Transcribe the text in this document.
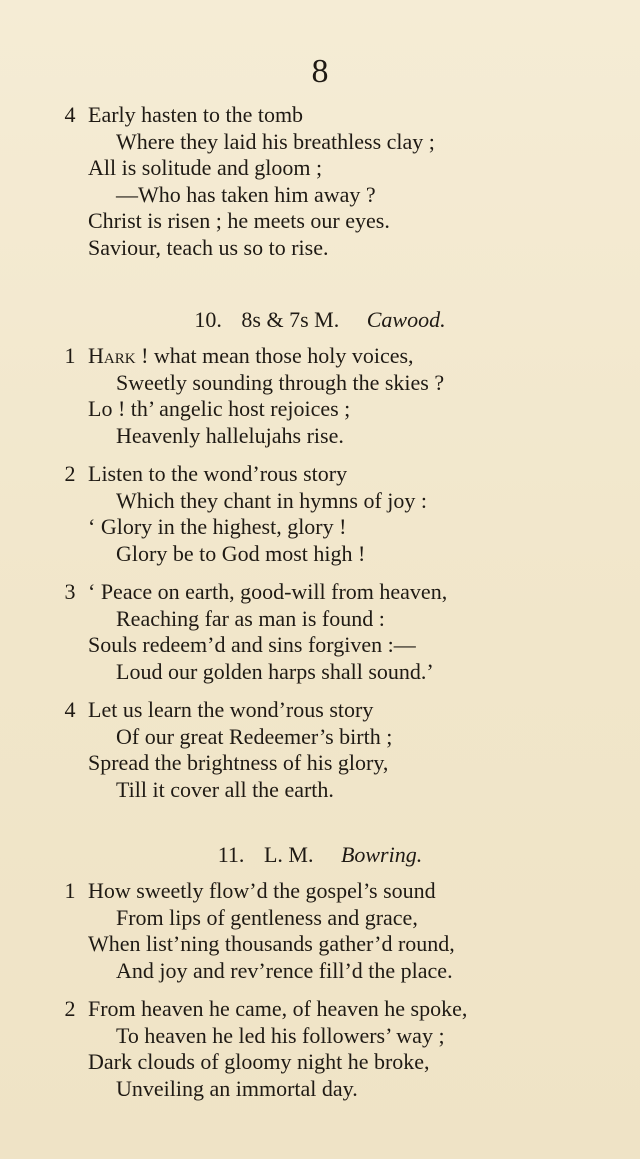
8
4 Early hasten to the tomb
Where they laid his breathless clay ;
All is solitude and gloom ;
—Who has taken him away ?
Christ is risen ; he meets our eyes.
Saviour, teach us so to rise.
10. 8s & 7s M. Cawood.
1 Hark ! what mean those holy voices,
Sweetly sounding through the skies ?
Lo ! th’ angelic host rejoices ;
Heavenly hallelujahs rise.
2 Listen to the wond’rous story
Which they chant in hymns of joy :
‘ Glory in the highest, glory !
Glory be to God most high !
3 ‘ Peace on earth, good-will from heaven,
Reaching far as man is found :
Souls redeem’d and sins forgiven :—
Loud our golden harps shall sound.’
4 Let us learn the wond’rous story
Of our great Redeemer’s birth ;
Spread the brightness of his glory,
Till it cover all the earth.
11. L. M. Bowring.
1 How sweetly flow’d the gospel’s sound
From lips of gentleness and grace,
When list’ning thousands gather’d round,
And joy and rev’rence fill’d the place.
2 From heaven he came, of heaven he spoke,
To heaven he led his followers’ way ;
Dark clouds of gloomy night he broke,
Unveiling an immortal day.
